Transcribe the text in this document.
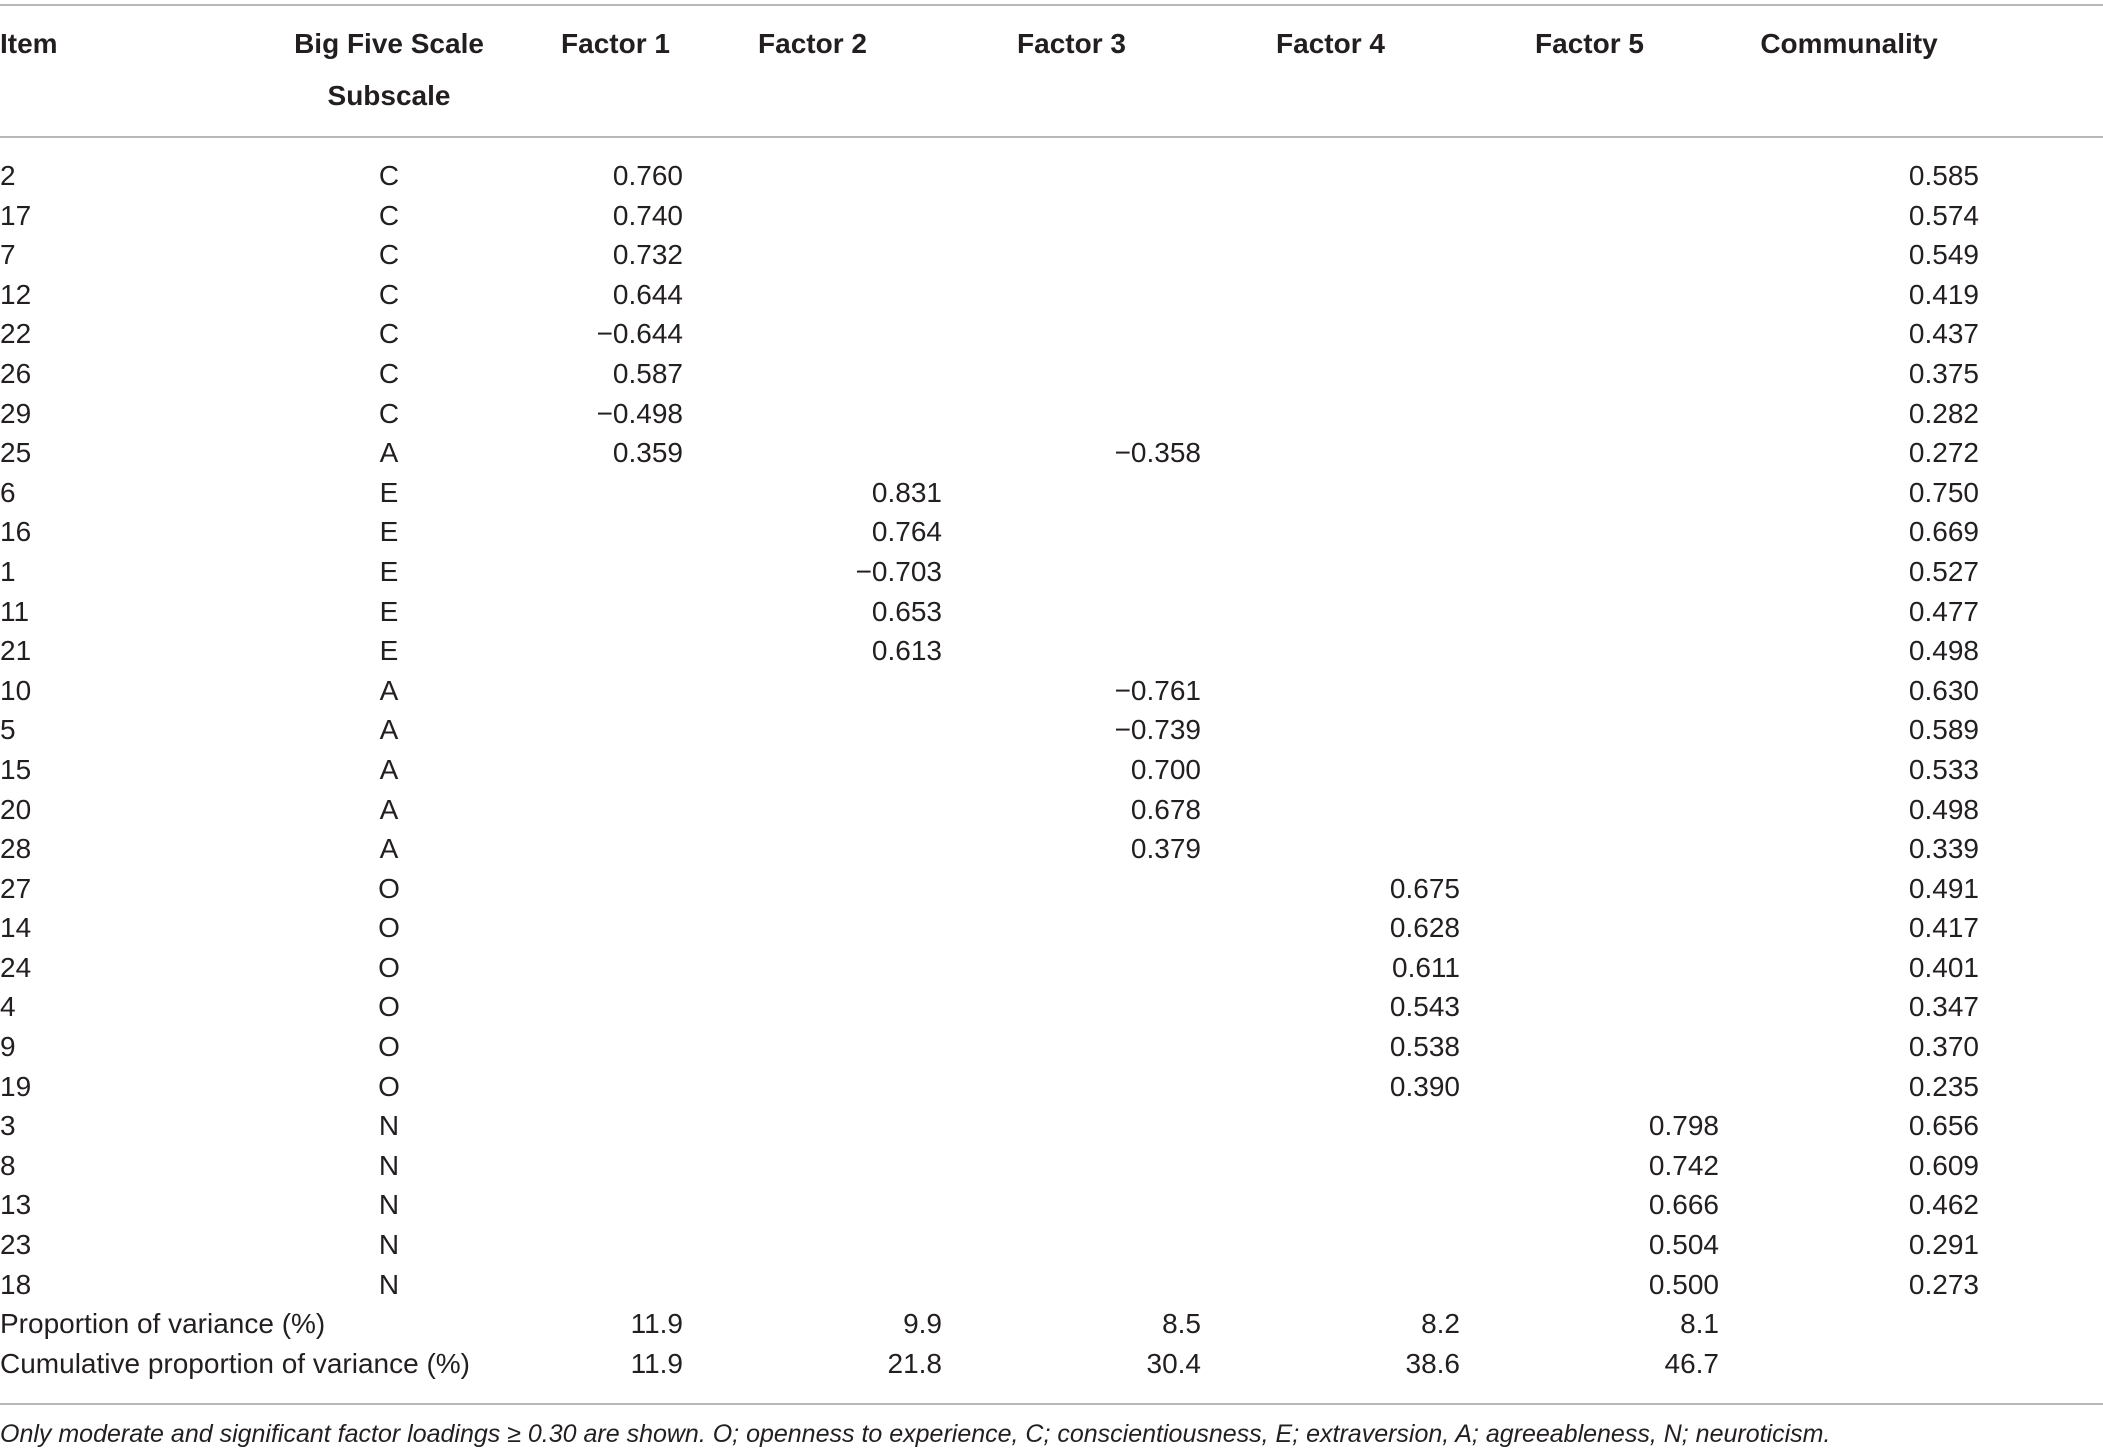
Item	Big Five Scale
Subscale	Factor 1	Factor 2	Factor 3	Factor 4	Factor 5	Communality
2	C	0.760					0.585
17	C	0.740					0.574
7	C	0.732					0.549
12	C	0.644					0.419
22	C	−0.644					0.437
26	C	0.587					0.375
29	C	−0.498					0.282
25	A	0.359		−0.358			0.272
6	E		0.831				0.750
16	E		0.764				0.669
1	E		−0.703				0.527
11	E		0.653				0.477
21	E		0.613				0.498
10	A			−0.761			0.630
5	A			−0.739			0.589
15	A			0.700			0.533
20	A			0.678			0.498
28	A			0.379			0.339
27	O				0.675		0.491
14	O				0.628		0.417
24	O				0.611		0.401
4	O				0.543		0.347
9	O				0.538		0.370
19	O				0.390		0.235
3	N					0.798	0.656
8	N					0.742	0.609
13	N					0.666	0.462
23	N					0.504	0.291
18	N					0.500	0.273
Proportion of variance (%)		11.9	9.9	8.5	8.2	8.1	
Cumulative proportion of variance (%)		11.9	21.8	30.4	38.6	46.7	
Only moderate and significant factor loadings ≥ 0.30 are shown. O; openness to experience, C; conscientiousness, E; extraversion, A; agreeableness, N; neuroticism.
